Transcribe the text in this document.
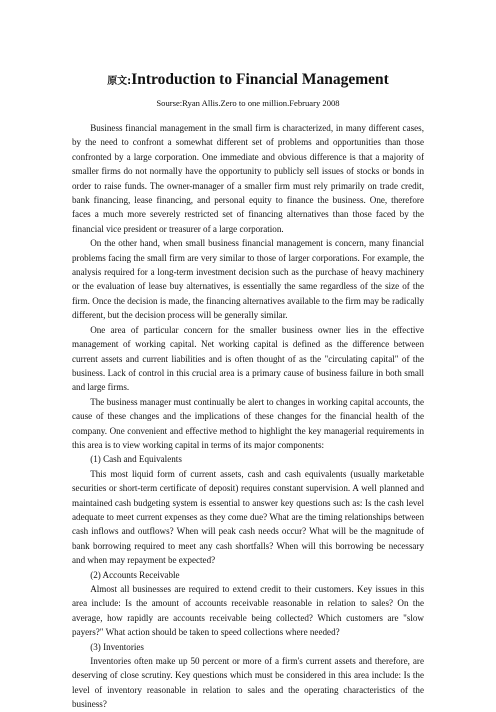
原文:Introduction to Financial Management
Sourse:Ryan Allis.Zero to one million.February 2008

Business financial management in the small firm is characterized, in many different cases, by the need to confront a somewhat different set of problems and opportunities than those confronted by a large corporation. One immediate and obvious difference is that a majority of smaller firms do not normally have the opportunity to publicly sell issues of stocks or bonds in order to raise funds. The owner-manager of a smaller firm must rely primarily on trade credit, bank financing, lease financing, and personal equity to finance the business. One, therefore faces a much more severely restricted set of financing alternatives than those faced by the financial vice president or treasurer of a large corporation.

On the other hand, when small business financial management is concern, many financial problems facing the small firm are very similar to those of larger corporations. For example, the analysis required for a long-term investment decision such as the purchase of heavy machinery or the evaluation of lease buy alternatives, is essentially the same regardless of the size of the firm. Once the decision is made, the financing alternatives available to the firm may be radically different, but the decision process will be generally similar.

One area of particular concern for the smaller business owner lies in the effective management of working capital. Net working capital is defined as the difference between current assets and current liabilities and is often thought of as the "circulating capital" of the business. Lack of control in this crucial area is a primary cause of business failure in both small and large firms.

The business manager must continually be alert to changes in working capital accounts, the cause of these changes and the implications of these changes for the financial health of the company. One convenient and effective method to highlight the key managerial requirements in this area is to view working capital in terms of its major components:

(1) Cash and Equivalents

This most liquid form of current assets, cash and cash equivalents (usually marketable securities or short-term certificate of deposit) requires constant supervision. A well planned and maintained cash budgeting system is essential to answer key questions such as: Is the cash level adequate to meet current expenses as they come due? What are the timing relationships between cash inflows and outflows? When will peak cash needs occur? What will be the magnitude of bank borrowing required to meet any cash shortfalls? When will this borrowing be necessary and when may repayment be expected?

(2) Accounts Receivable

Almost all businesses are required to extend credit to their customers. Key issues in this area include: Is the amount of accounts receivable reasonable in relation to sales? On the average, how rapidly are accounts receivable being collected? Which customers are "slow payers?" What action should be taken to speed collections where needed?

(3) Inventories

Inventories often make up 50 percent or more of a firm's current assets and therefore, are deserving of close scrutiny. Key questions which must be considered in this area include: Is the level of inventory reasonable in relation to sales and the operating characteristics of the business?
